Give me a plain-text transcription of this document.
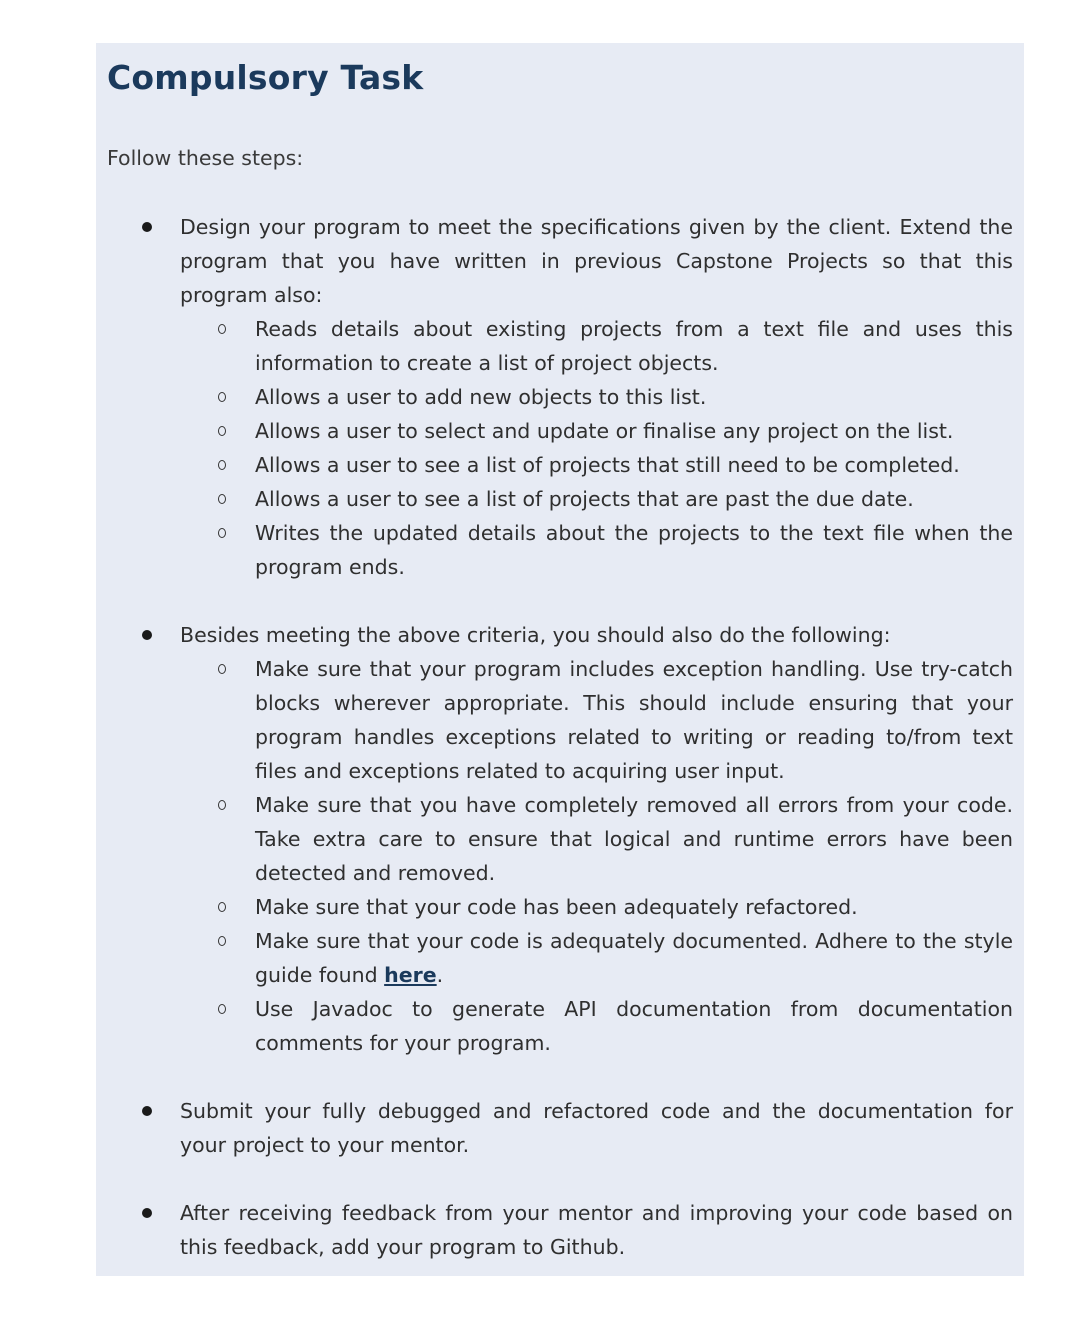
Compulsory Task
Follow these steps:
Design your program to meet the specifications given by the client. Extend the program that you have written in previous Capstone Projects so that this program also:
Reads details about existing projects from a text file and uses this information to create a list of project objects.
Allows a user to add new objects to this list.
Allows a user to select and update or finalise any project on the list.
Allows a user to see a list of projects that still need to be completed.
Allows a user to see a list of projects that are past the due date.
Writes the updated details about the projects to the text file when the program ends.
Besides meeting the above criteria, you should also do the following:
Make sure that your program includes exception handling. Use try-catch blocks wherever appropriate. This should include ensuring that your program handles exceptions related to writing or reading to/from text files and exceptions related to acquiring user input.
Make sure that you have completely removed all errors from your code. Take extra care to ensure that logical and runtime errors have been detected and removed.
Make sure that your code has been adequately refactored.
Make sure that your code is adequately documented. Adhere to the style guide found here.
Use Javadoc to generate API documentation from documentation comments for your program.
Submit your fully debugged and refactored code and the documentation for your project to your mentor.
After receiving feedback from your mentor and improving your code based on this feedback, add your program to Github.
